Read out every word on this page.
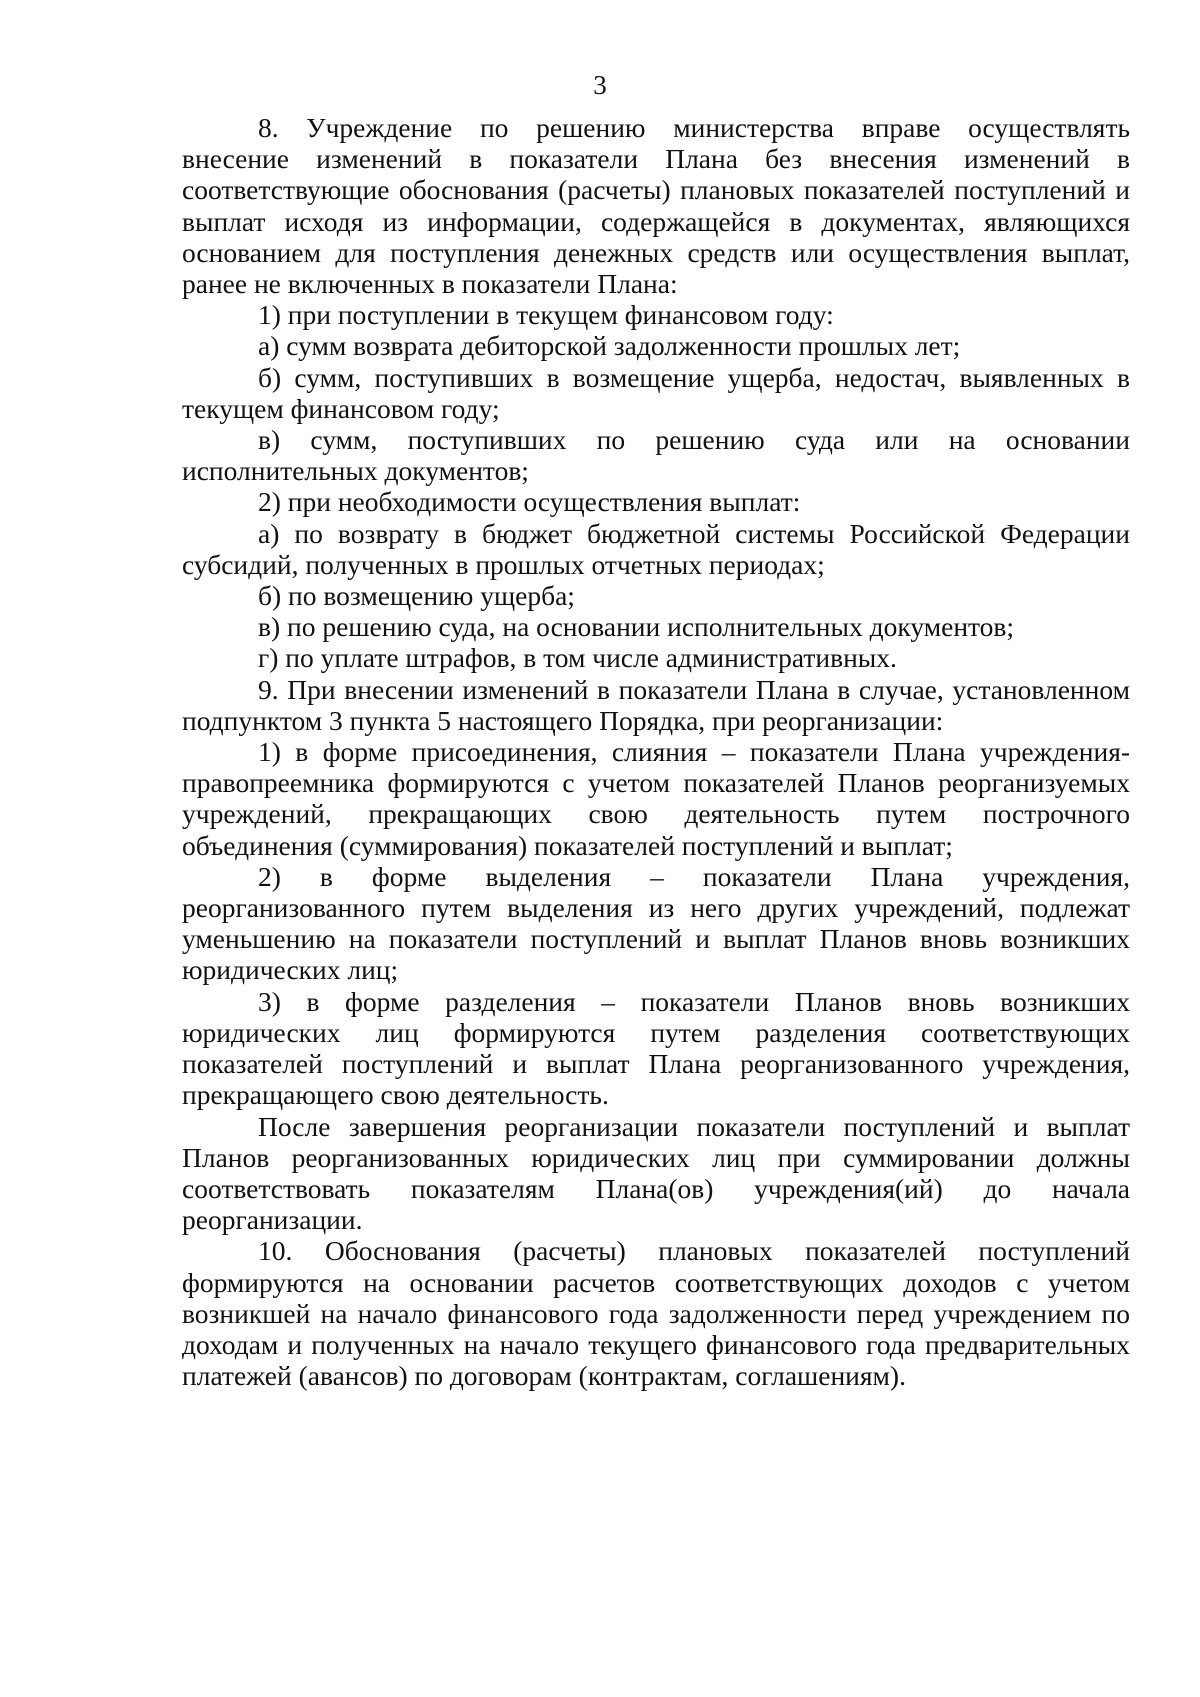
3

8. Учреждение по решению министерства вправе осуществлять внесение изменений в показатели Плана без внесения изменений в соответствующие обоснования (расчеты) плановых показателей поступлений и выплат исходя из информации, содержащейся в документах, являющихся основанием для поступления денежных средств или осуществления выплат, ранее не включенных в показатели Плана:

1) при поступлении в текущем финансовом году:

а) сумм возврата дебиторской задолженности прошлых лет;

б) сумм, поступивших в возмещение ущерба, недостач, выявленных в текущем финансовом году;

в) сумм, поступивших по решению суда или на основании исполнительных документов;

2) при необходимости осуществления выплат:

а) по возврату в бюджет бюджетной системы Российской Федерации субсидий, полученных в прошлых отчетных периодах;

б) по возмещению ущерба;

в) по решению суда, на основании исполнительных документов;

г) по уплате штрафов, в том числе административных.

9. При внесении изменений в показатели Плана в случае, установленном подпунктом 3 пункта 5 настоящего Порядка, при реорганизации:

1) в форме присоединения, слияния – показатели Плана учреждения-правопреемника формируются с учетом показателей Планов реорганизуемых учреждений, прекращающих свою деятельность путем построчного объединения (суммирования) показателей поступлений и выплат;

2) в форме выделения – показатели Плана учреждения, реорганизованного путем выделения из него других учреждений, подлежат уменьшению на показатели поступлений и выплат Планов вновь возникших юридических лиц;

3) в форме разделения – показатели Планов вновь возникших юридических лиц формируются путем разделения соответствующих показателей поступлений и выплат Плана реорганизованного учреждения, прекращающего свою деятельность.

После завершения реорганизации показатели поступлений и выплат Планов реорганизованных юридических лиц при суммировании должны соответствовать показателям Плана(ов) учреждения(ий) до начала реорганизации.

10. Обоснования (расчеты) плановых показателей поступлений формируются на основании расчетов соответствующих доходов с учетом возникшей на начало финансового года задолженности перед учреждением по доходам и полученных на начало текущего финансового года предварительных платежей (авансов) по договорам (контрактам, соглашениям).
